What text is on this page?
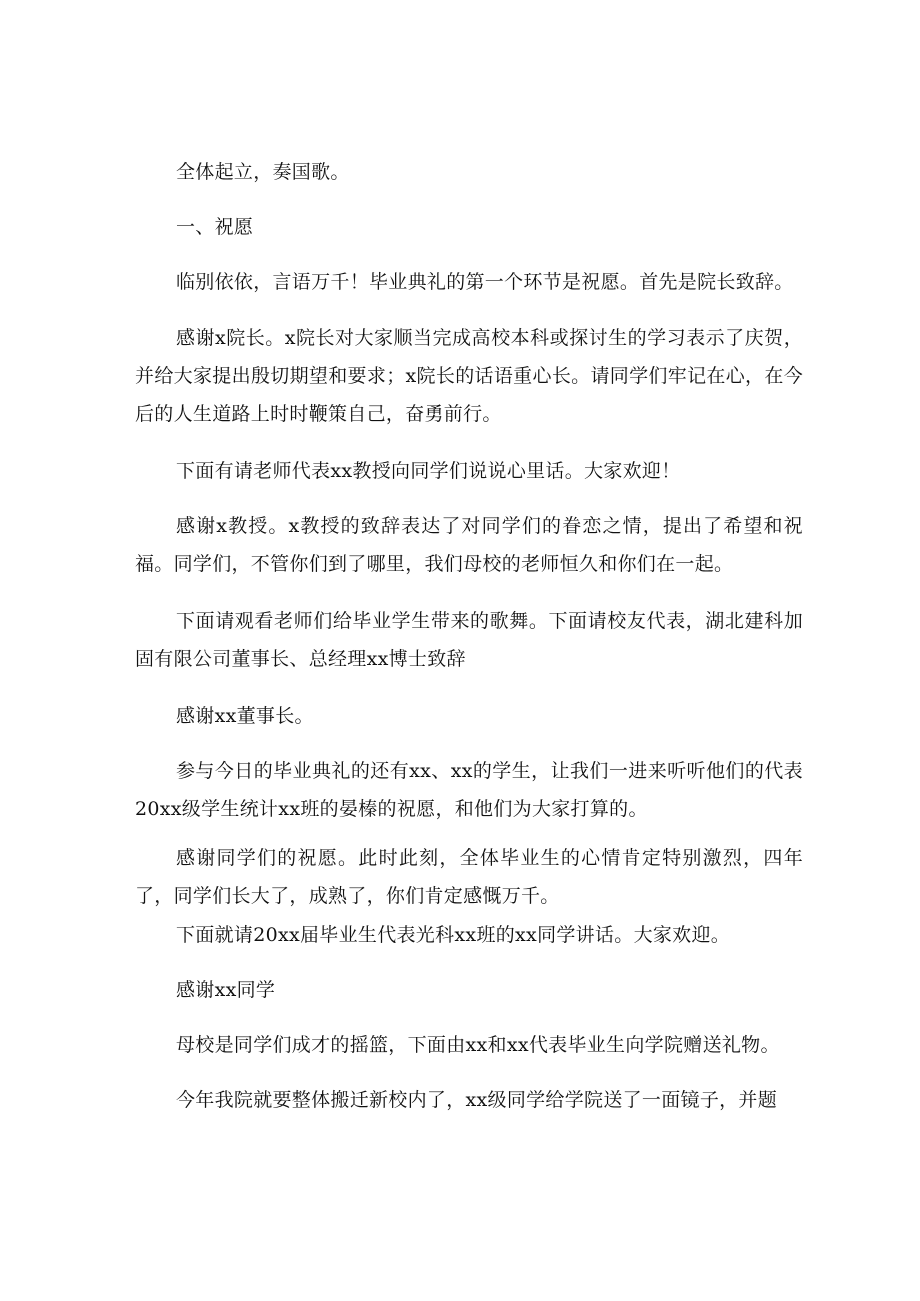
全体起立，奏国歌。

一、祝愿

临别依依，言语万千！毕业典礼的第一个环节是祝愿。首先是院长致辞。

感谢x院长。x院长对大家顺当完成高校本科或探讨生的学习表示了庆贺，并给大家提出殷切期望和要求；x院长的话语重心长。请同学们牢记在心，在今后的人生道路上时时鞭策自己，奋勇前行。

下面有请老师代表xx教授向同学们说说心里话。大家欢迎！

感谢x教授。x教授的致辞表达了对同学们的眷恋之情，提出了希望和祝福。同学们，不管你们到了哪里，我们母校的老师恒久和你们在一起。

下面请观看老师们给毕业学生带来的歌舞。下面请校友代表，湖北建科加固有限公司董事长、总经理xx博士致辞

感谢xx董事长。

参与今日的毕业典礼的还有xx、xx的学生，让我们一进来听听他们的代表20xx级学生统计xx班的晏榛的祝愿，和他们为大家打算的。

感谢同学们的祝愿。此时此刻，全体毕业生的心情肯定特别激烈，四年了，同学们长大了，成熟了，你们肯定感慨万千。

下面就请20xx届毕业生代表光科xx班的xx同学讲话。大家欢迎。

感谢xx同学

母校是同学们成才的摇篮，下面由xx和xx代表毕业生向学院赠送礼物。

今年我院就要整体搬迁新校内了，xx级同学给学院送了一面镜子，并题
